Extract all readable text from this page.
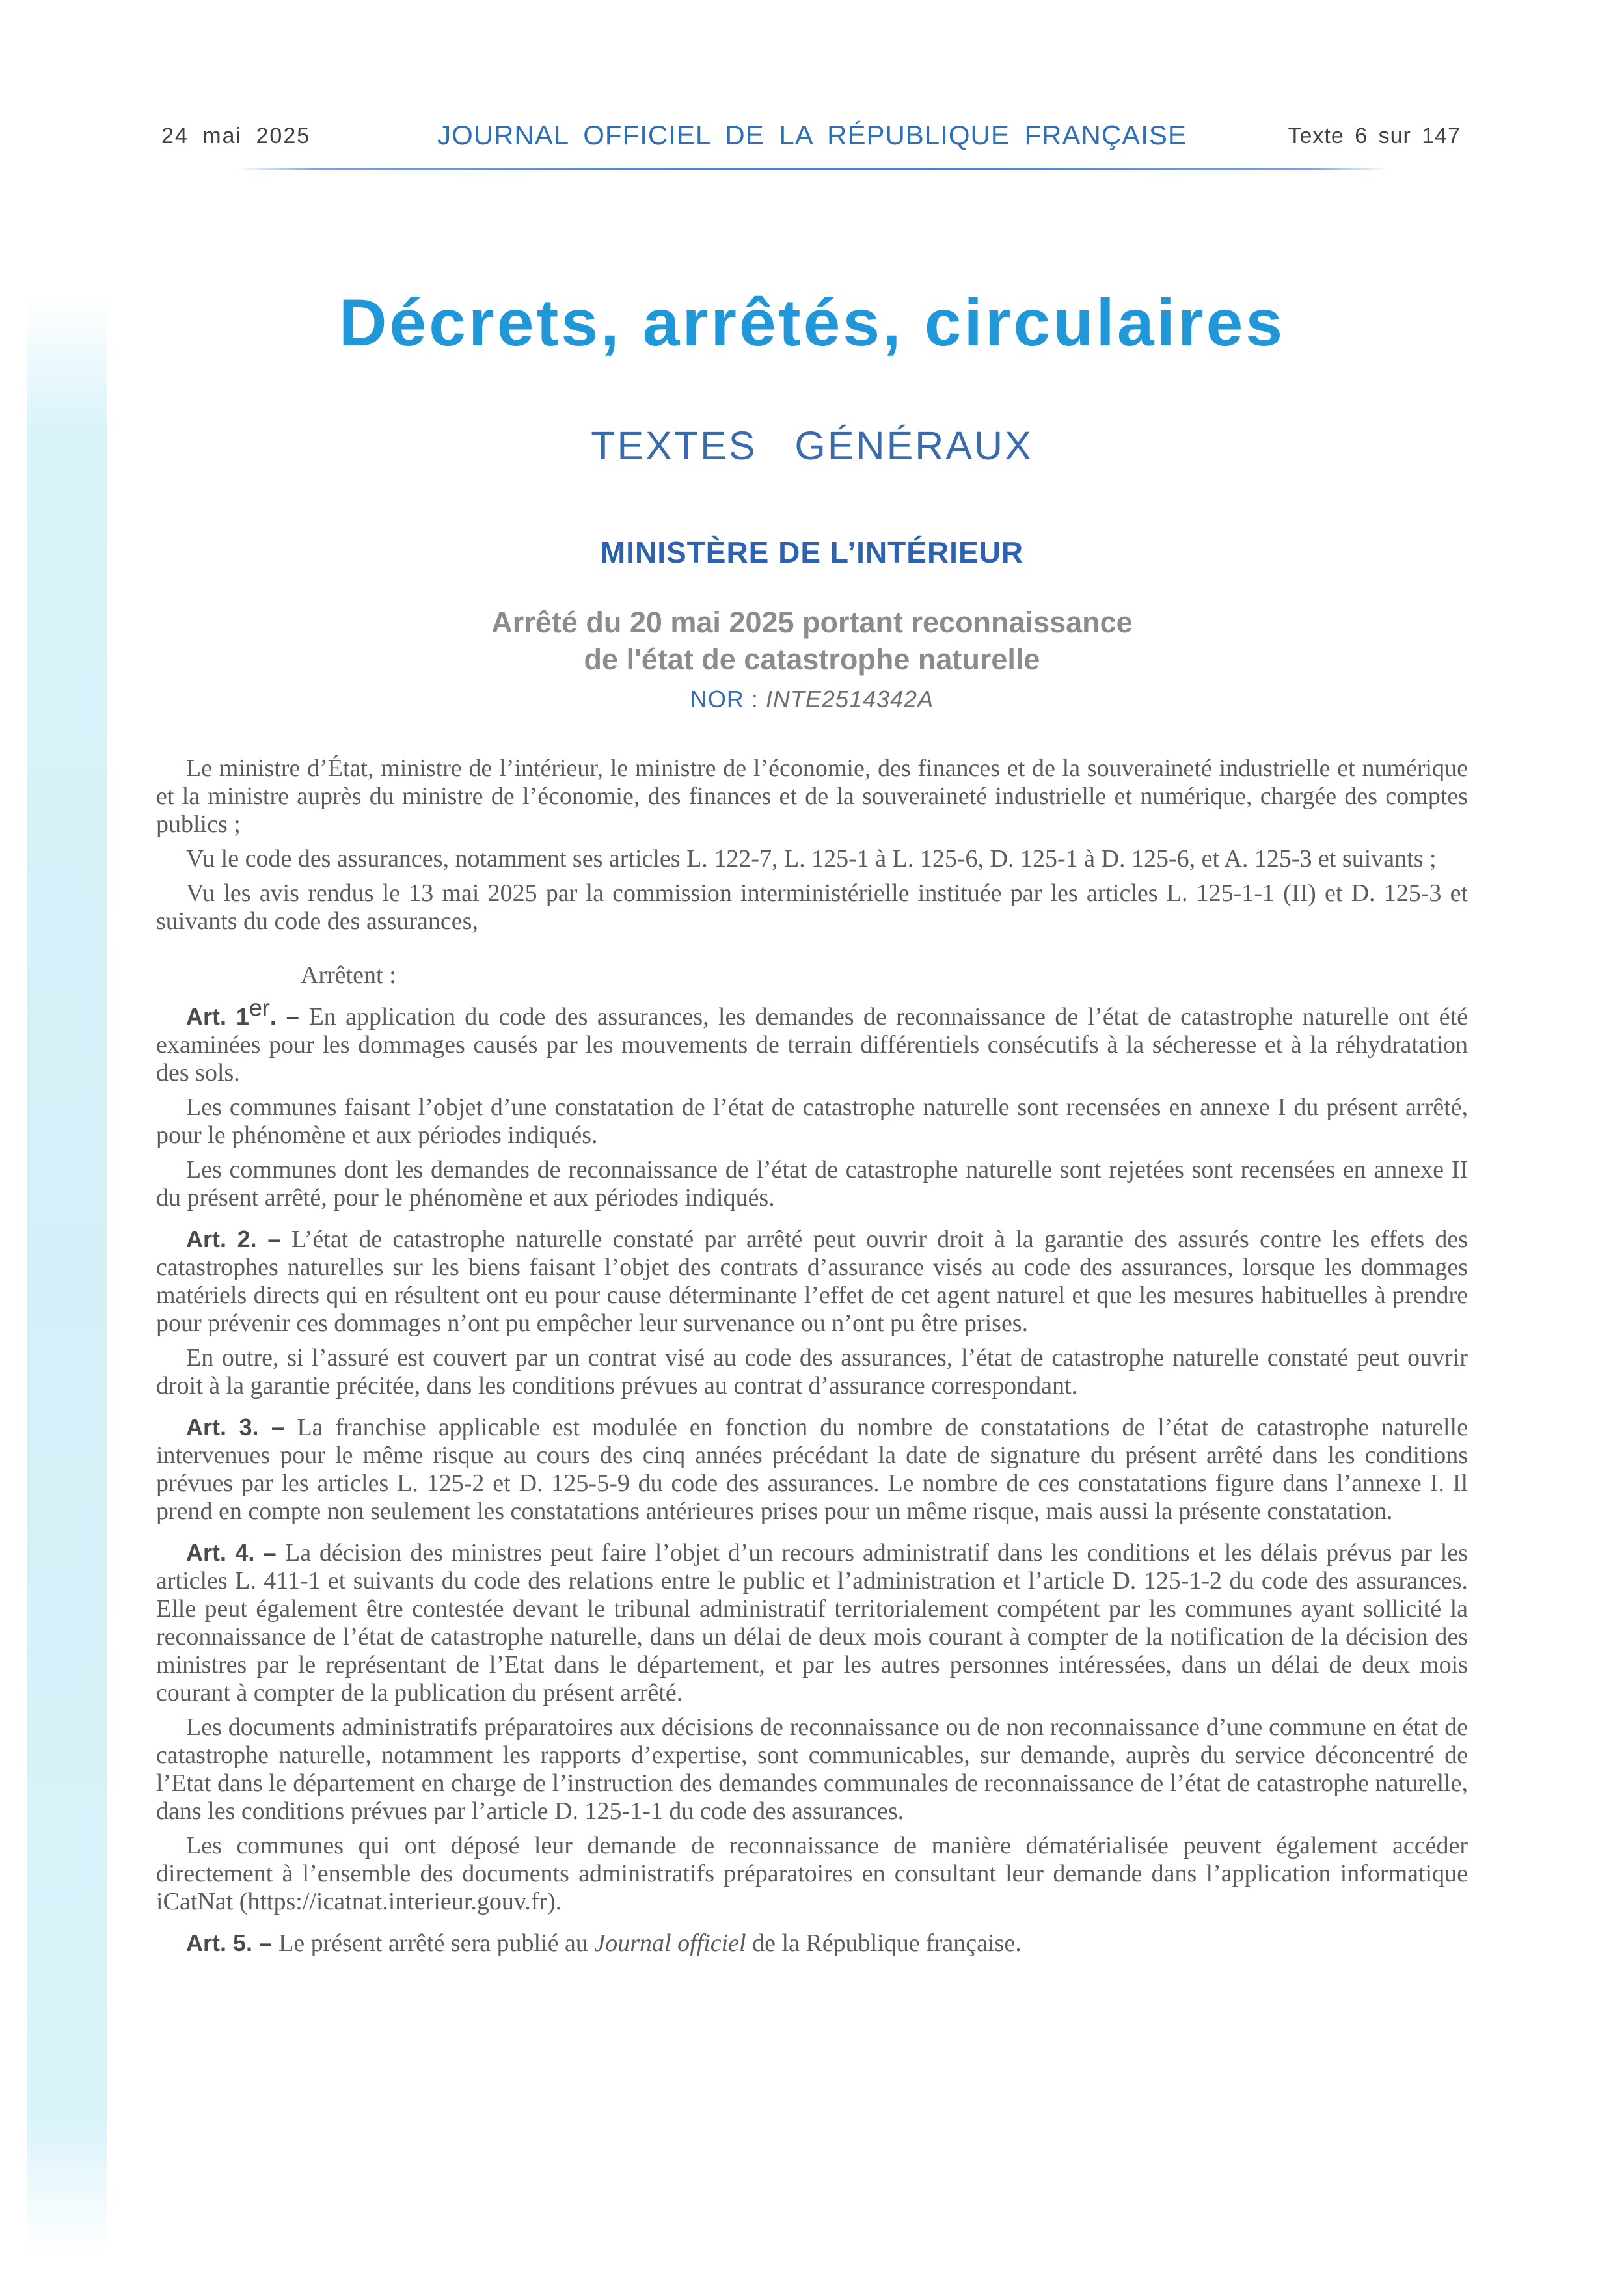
24 mai 2025	JOURNAL OFFICIEL DE LA RÉPUBLIQUE FRANÇAISE	Texte 6 sur 147
Décrets, arrêtés, circulaires
TEXTES GÉNÉRAUX
MINISTÈRE DE L’INTÉRIEUR
Arrêté du 20 mai 2025 portant reconnaissance
de l'état de catastrophe naturelle
NOR : INTE2514342A

Le ministre d’État, ministre de l’intérieur, le ministre de l’économie, des finances et de la souveraineté industrielle et numérique et la ministre auprès du ministre de l’économie, des finances et de la souveraineté industrielle et numérique, chargée des comptes publics ;

Vu le code des assurances, notamment ses articles L. 122-7, L. 125-1 à L. 125-6, D. 125-1 à D. 125-6, et A. 125-3 et suivants ;

Vu les avis rendus le 13 mai 2025 par la commission interministérielle instituée par les articles L. 125-1-1 (II) et D. 125-3 et suivants du code des assurances,

Arrêtent :

Art. 1er. – En application du code des assurances, les demandes de reconnaissance de l’état de catastrophe naturelle ont été examinées pour les dommages causés par les mouvements de terrain différentiels consécutifs à la sécheresse et à la réhydratation des sols.

Les communes faisant l’objet d’une constatation de l’état de catastrophe naturelle sont recensées en annexe I du présent arrêté, pour le phénomène et aux périodes indiqués.

Les communes dont les demandes de reconnaissance de l’état de catastrophe naturelle sont rejetées sont recensées en annexe II du présent arrêté, pour le phénomène et aux périodes indiqués.

Art. 2. – L’état de catastrophe naturelle constaté par arrêté peut ouvrir droit à la garantie des assurés contre les effets des catastrophes naturelles sur les biens faisant l’objet des contrats d’assurance visés au code des assurances, lorsque les dommages matériels directs qui en résultent ont eu pour cause déterminante l’effet de cet agent naturel et que les mesures habituelles à prendre pour prévenir ces dommages n’ont pu empêcher leur survenance ou n’ont pu être prises.

En outre, si l’assuré est couvert par un contrat visé au code des assurances, l’état de catastrophe naturelle constaté peut ouvrir droit à la garantie précitée, dans les conditions prévues au contrat d’assurance correspondant.

Art. 3. – La franchise applicable est modulée en fonction du nombre de constatations de l’état de catastrophe naturelle intervenues pour le même risque au cours des cinq années précédant la date de signature du présent arrêté dans les conditions prévues par les articles L. 125-2 et D. 125-5-9 du code des assurances. Le nombre de ces constatations figure dans l’annexe I. Il prend en compte non seulement les constatations antérieures prises pour un même risque, mais aussi la présente constatation.

Art. 4. – La décision des ministres peut faire l’objet d’un recours administratif dans les conditions et les délais prévus par les articles L. 411-1 et suivants du code des relations entre le public et l’administration et l’article D. 125-1-2 du code des assurances. Elle peut également être contestée devant le tribunal administratif territorialement compétent par les communes ayant sollicité la reconnaissance de l’état de catastrophe naturelle, dans un délai de deux mois courant à compter de la notification de la décision des ministres par le représentant de l’Etat dans le département, et par les autres personnes intéressées, dans un délai de deux mois courant à compter de la publication du présent arrêté.

Les documents administratifs préparatoires aux décisions de reconnaissance ou de non reconnaissance d’une commune en état de catastrophe naturelle, notamment les rapports d’expertise, sont communicables, sur demande, auprès du service déconcentré de l’Etat dans le département en charge de l’instruction des demandes communales de reconnaissance de l’état de catastrophe naturelle, dans les conditions prévues par l’article D. 125-1-1 du code des assurances.

Les communes qui ont déposé leur demande de reconnaissance de manière dématérialisée peuvent également accéder directement à l’ensemble des documents administratifs préparatoires en consultant leur demande dans l’application informatique iCatNat (https://icatnat.interieur.gouv.fr).

Art. 5. – Le présent arrêté sera publié au Journal officiel de la République française.
